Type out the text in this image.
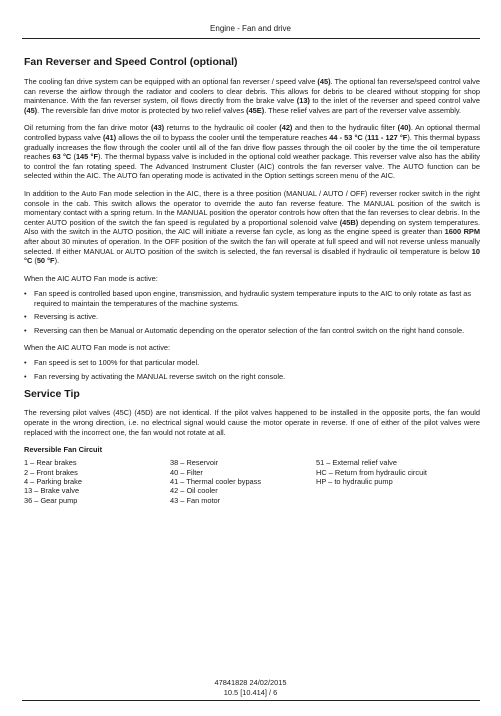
Engine - Fan and drive
Fan Reverser and Speed Control (optional)

The cooling fan drive system can be equipped with an optional fan reverser / speed valve (45). The optional fan reverse/speed control valve can reverse the airflow through the radiator and coolers to clear debris. This allows for debris to be cleared without stopping for shop maintenance. With the fan reverser system, oil flows directly from the brake valve (13) to the inlet of the reverser and speed control valve (45). The reversible fan drive motor is protected by two relief valves (45E). These relief valves are part of the reverser valve assembly.

Oil returning from the fan drive motor (43) returns to the hydraulic oil cooler (42) and then to the hydraulic filter (40). An optional thermal controlled bypass valve (41) allows the oil to bypass the cooler until the temperature reaches 44 - 53 °C (111 - 127 °F). This thermal bypass gradually increases the flow through the cooler until all of the fan drive flow passes through the oil cooler by the time the oil temperature reaches 63 °C (145 °F). The thermal bypass valve is included in the optional cold weather package. This reverser valve also has the ability to control the fan rotating speed. The Advanced Instrument Cluster (AIC) controls the fan reverser valve. The AUTO function can be selected within the AIC. The AUTO fan operating mode is activated in the Option settings screen menu of the AIC.

In addition to the Auto Fan mode selection in the AIC, there is a three position (MANUAL / AUTO / OFF) reverser rocker switch in the right console in the cab. This switch allows the operator to override the auto fan reverse feature. The MANUAL position of the switch is momentary contact with a spring return. In the MANUAL position the operator controls how often that the fan reverses to clear debris. In the center AUTO position of the switch the fan speed is regulated by a proportional solenoid valve (45B) depending on system temperatures. Also with the switch in the AUTO position, the AIC will initiate a reverse fan cycle, as long as the engine speed is greater than 1600 RPM after about 30 minutes of operation. In the OFF position of the switch the fan will operate at full speed and will not reverse unless manually selected. If either MANUAL or AUTO position of the switch is selected, the fan reversal is disabled if hydraulic oil temperature is below 10 °C (50 °F).

When the AIC AUTO Fan mode is active:

• Fan speed is controlled based upon engine, transmission, and hydraulic system temperature inputs to the AIC to only rotate as fast as required to maintain the temperatures of the machine systems.
• Reversing is active.
• Reversing can then be Manual or Automatic depending on the operator selection of the fan control switch on the right hand console.

When the AIC AUTO Fan mode is not active:

• Fan speed is set to 100% for that particular model.
• Fan reversing by activating the MANUAL reverse switch on the right console.
Service Tip

The reversing pilot valves (45C) (45D) are not identical. If the pilot valves happened to be installed in the opposite ports, the fan would operate in the wrong direction, i.e. no electrical signal would cause the motor operate in reverse. If one of either of the pilot valves were replaced with the incorrect one, the fan would not rotate at all.

Reversible Fan Circuit
1 – Rear brakes
2 – Front brakes
4 – Parking brake
13 – Brake valve
36 – Gear pump
38 – Reservoir
40 – Filter
41 – Thermal cooler bypass
42 – Oil cooler
43 – Fan motor
51 – External relief valve
HC – Return from hydraulic circuit
HP – to hydraulic pump
47841828 24/02/2015
10.5 [10.414] / 6
